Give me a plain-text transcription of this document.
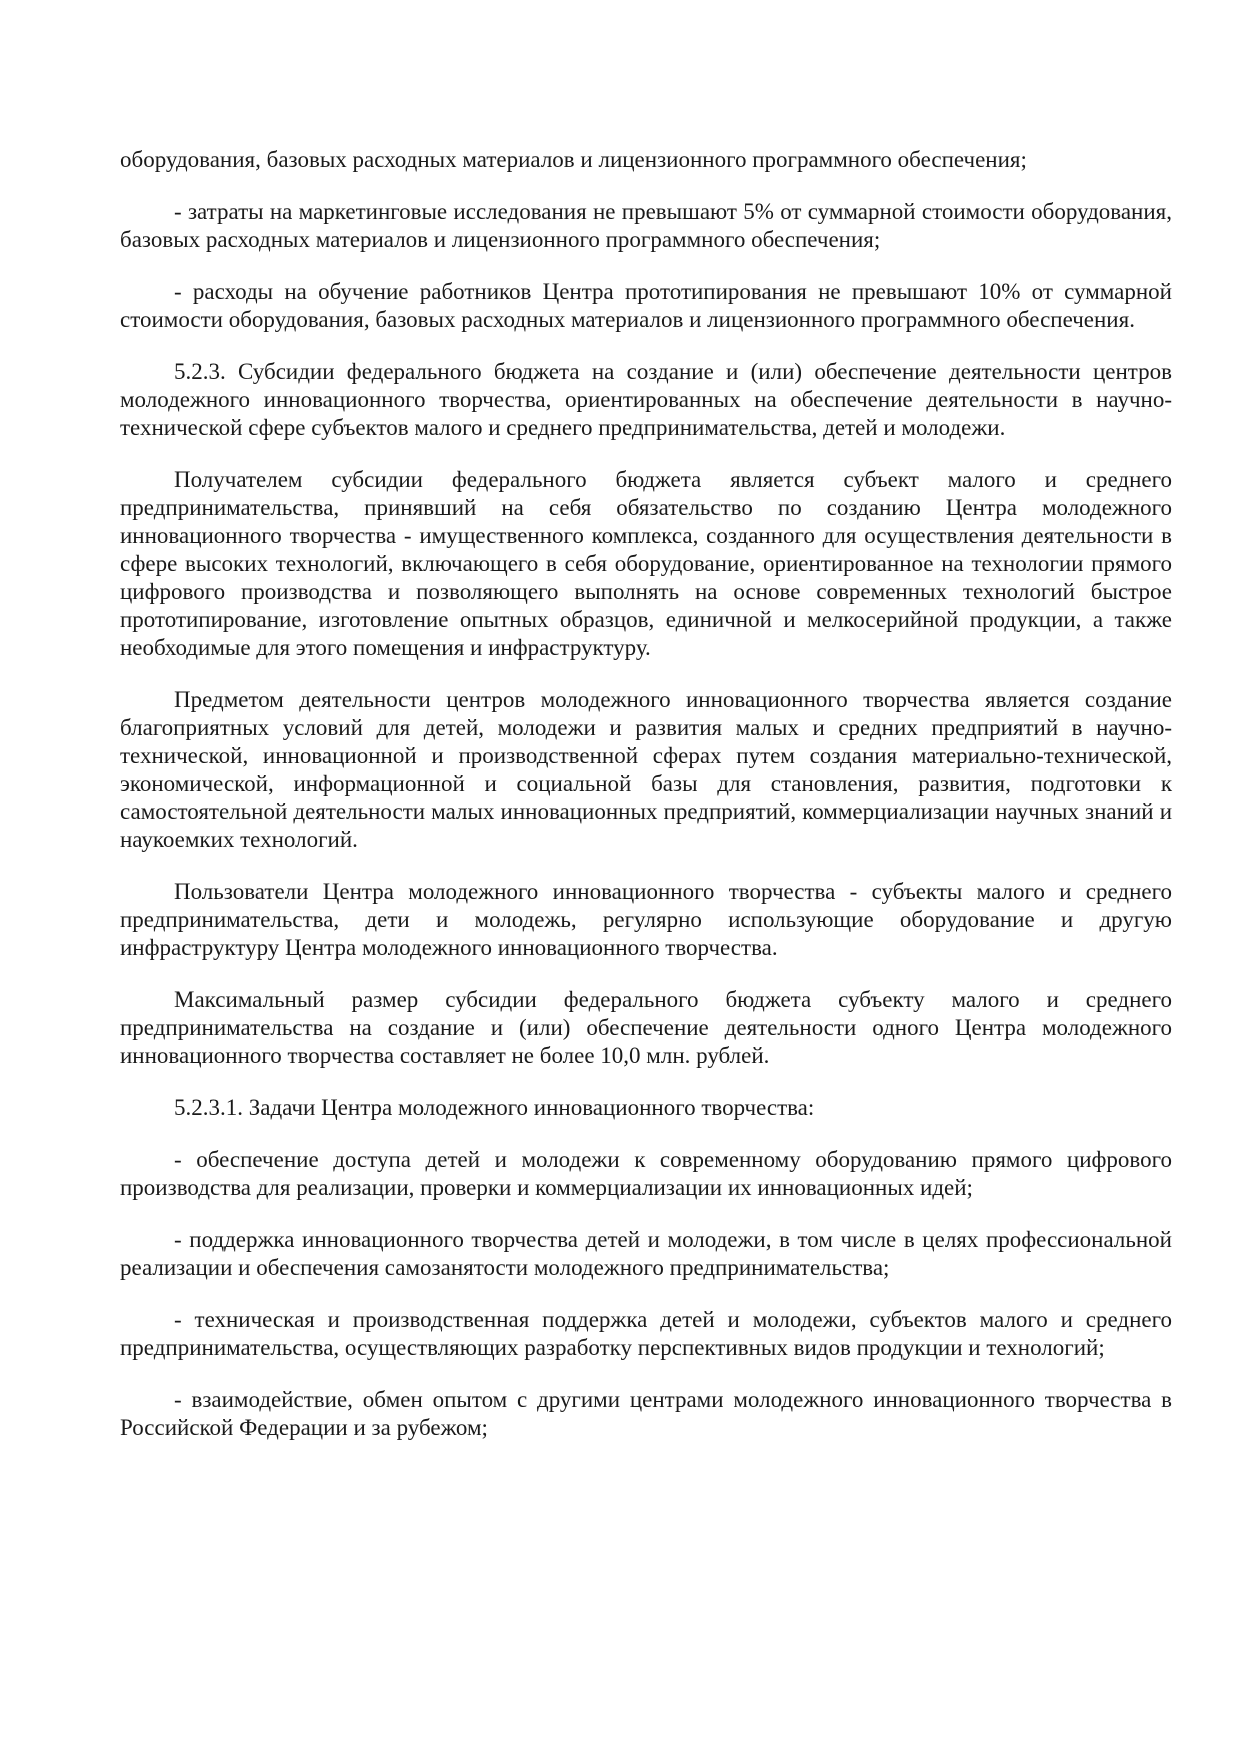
оборудования, базовых расходных материалов и лицензионного программного обеспечения;

- затраты на маркетинговые исследования не превышают 5% от суммарной стоимости оборудования, базовых расходных материалов и лицензионного программного обеспечения;

- расходы на обучение работников Центра прототипирования не превышают 10% от суммарной стоимости оборудования, базовых расходных материалов и лицензионного программного обеспечения.

5.2.3. Субсидии федерального бюджета на создание и (или) обеспечение деятельности центров молодежного инновационного творчества, ориентированных на обеспечение деятельности в научно-технической сфере субъектов малого и среднего предпринимательства, детей и молодежи.

Получателем субсидии федерального бюджета является субъект малого и среднего предпринимательства, принявший на себя обязательство по созданию Центра молодежного инновационного творчества - имущественного комплекса, созданного для осуществления деятельности в сфере высоких технологий, включающего в себя оборудование, ориентированное на технологии прямого цифрового производства и позволяющего выполнять на основе современных технологий быстрое прототипирование, изготовление опытных образцов, единичной и мелкосерийной продукции, а также необходимые для этого помещения и инфраструктуру.

Предметом деятельности центров молодежного инновационного творчества является создание благоприятных условий для детей, молодежи и развития малых и средних предприятий в научно-технической, инновационной и производственной сферах путем создания материально-технической, экономической, информационной и социальной базы для становления, развития, подготовки к самостоятельной деятельности малых инновационных предприятий, коммерциализации научных знаний и наукоемких технологий.

Пользователи Центра молодежного инновационного творчества - субъекты малого и среднего предпринимательства, дети и молодежь, регулярно использующие оборудование и другую инфраструктуру Центра молодежного инновационного творчества.

Максимальный размер субсидии федерального бюджета субъекту малого и среднего предпринимательства на создание и (или) обеспечение деятельности одного Центра молодежного инновационного творчества составляет не более 10,0 млн. рублей.

5.2.3.1. Задачи Центра молодежного инновационного творчества:

- обеспечение доступа детей и молодежи к современному оборудованию прямого цифрового производства для реализации, проверки и коммерциализации их инновационных идей;

- поддержка инновационного творчества детей и молодежи, в том числе в целях профессиональной реализации и обеспечения самозанятости молодежного предпринимательства;

- техническая и производственная поддержка детей и молодежи, субъектов малого и среднего предпринимательства, осуществляющих разработку перспективных видов продукции и технологий;

- взаимодействие, обмен опытом с другими центрами молодежного инновационного творчества в Российской Федерации и за рубежом;
